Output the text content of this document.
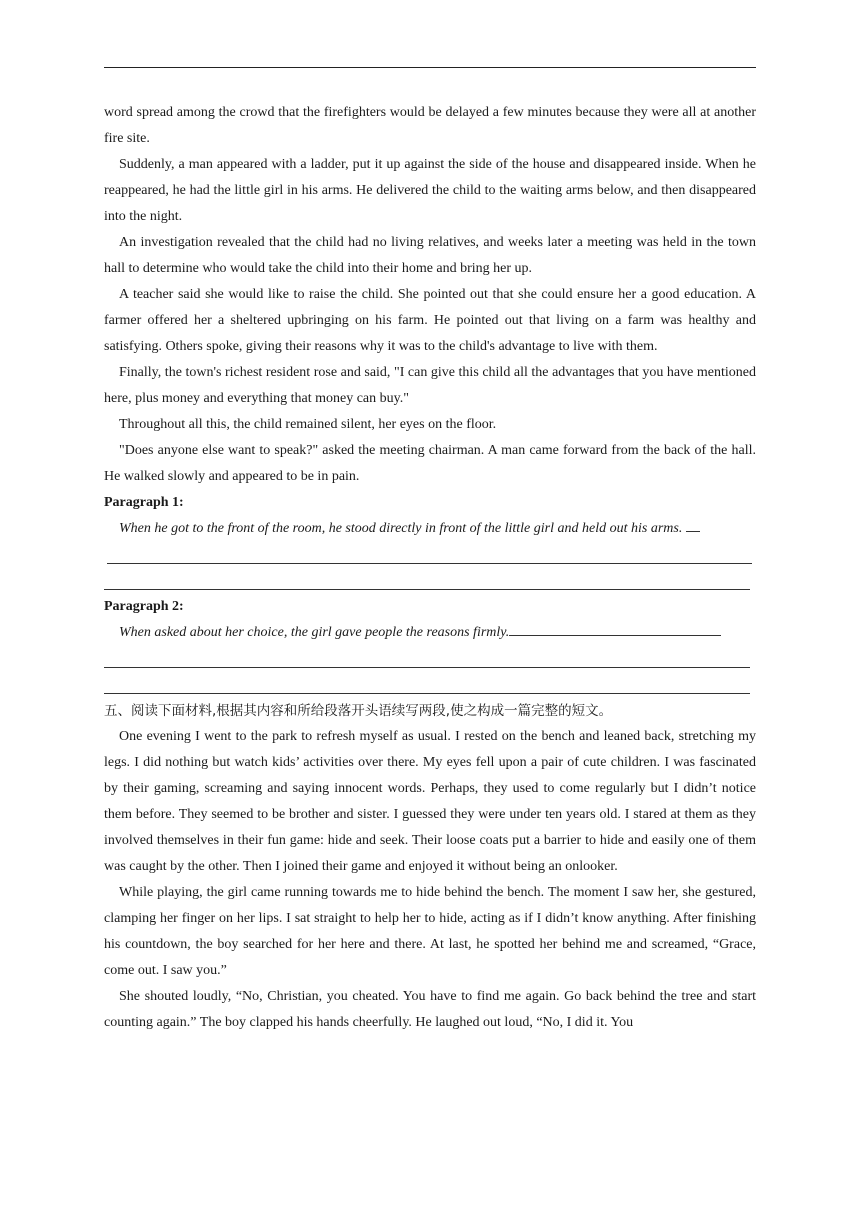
word spread among the crowd that the firefighters would be delayed a few minutes because they were all at another fire site.

Suddenly, a man appeared with a ladder, put it up against the side of the house and disappeared inside. When he reappeared, he had the little girl in his arms. He delivered the child to the waiting arms below, and then disappeared into the night.

An investigation revealed that the child had no living relatives, and weeks later a meeting was held in the town hall to determine who would take the child into their home and bring her up.

A teacher said she would like to raise the child. She pointed out that she could ensure her a good education. A farmer offered her a sheltered upbringing on his farm. He pointed out that living on a farm was healthy and satisfying. Others spoke, giving their reasons why it was to the child's advantage to live with them.

Finally, the town's richest resident rose and said, "I can give this child all the advantages that you have mentioned here, plus money and everything that money can buy."

Throughout all this, the child remained silent, her eyes on the floor.

"Does anyone else want to speak?" asked the meeting chairman. A man came forward from the back of the hall. He walked slowly and appeared to be in pain.

Paragraph 1:

When he got to the front of the room, he stood directly in front of the little girl and held out his arms.

Paragraph 2:

When asked about her choice, the girl gave people the reasons firmly.

五、阅读下面材料,根据其内容和所给段落开头语续写两段,使之构成一篇完整的短文。

One evening I went to the park to refresh myself as usual. I rested on the bench and leaned back, stretching my legs. I did nothing but watch kids’ activities over there. My eyes fell upon a pair of cute children. I was fascinated by their gaming, screaming and saying innocent words. Perhaps, they used to come regularly but I didn’t notice them before. They seemed to be brother and sister. I guessed they were under ten years old. I stared at them as they involved themselves in their fun game: hide and seek. Their loose coats put a barrier to hide and easily one of them was caught by the other. Then I joined their game and enjoyed it without being an onlooker.

While playing, the girl came running towards me to hide behind the bench. The moment I saw her, she gestured, clamping her finger on her lips. I sat straight to help her to hide, acting as if I didn’t know anything. After finishing his countdown, the boy searched for her here and there. At last, he spotted her behind me and screamed, “Grace, come out. I saw you.”

She shouted loudly, “No, Christian, you cheated. You have to find me again. Go back behind the tree and start counting again.” The boy clapped his hands cheerfully. He laughed out loud, “No, I did it. You
